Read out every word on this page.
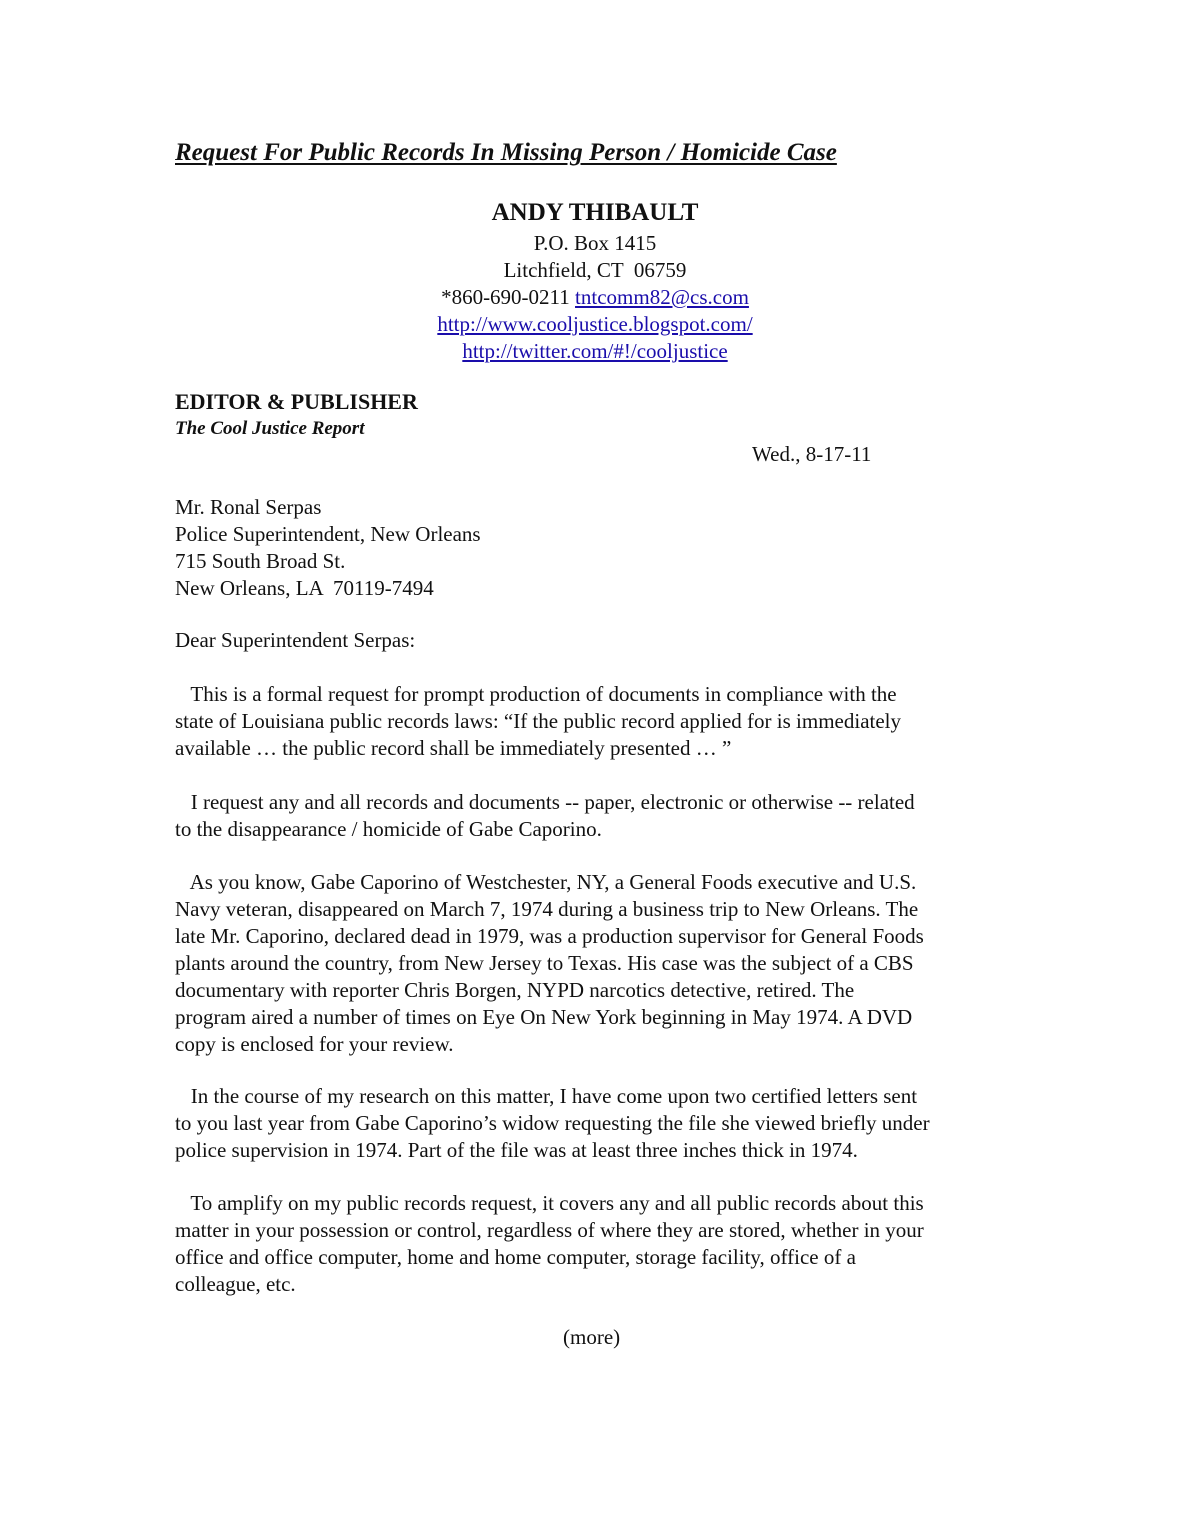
Request For Public Records In Missing Person / Homicide Case
ANDY THIBAULT
P.O. Box 1415
Litchfield, CT  06759
*860-690-0211 tntcomm82@cs.com
http://www.cooljustice.blogspot.com/
http://twitter.com/#!/cooljustice
EDITOR & PUBLISHER
The Cool Justice Report
Wed., 8-17-11
Mr. Ronal Serpas
Police Superintendent, New Orleans
715 South Broad St.
New Orleans, LA  70119-7494
Dear Superintendent Serpas:
This is a formal request for prompt production of documents in compliance with the
state of Louisiana public records laws: “If the public record applied for is immediately
available … the public record shall be immediately presented … ”
I request any and all records and documents -- paper, electronic or otherwise -- related
to the disappearance / homicide of Gabe Caporino.
As you know, Gabe Caporino of Westchester, NY, a General Foods executive and U.S.
Navy veteran, disappeared on March 7, 1974 during a business trip to New Orleans. The
late Mr. Caporino, declared dead in 1979, was a production supervisor for General Foods
plants around the country, from New Jersey to Texas. His case was the subject of a CBS
documentary with reporter Chris Borgen, NYPD narcotics detective, retired. The
program aired a number of times on Eye On New York beginning in May 1974. A DVD
copy is enclosed for your review.
In the course of my research on this matter, I have come upon two certified letters sent
to you last year from Gabe Caporino’s widow requesting the file she viewed briefly under
police supervision in 1974. Part of the file was at least three inches thick in 1974.
To amplify on my public records request, it covers any and all public records about this
matter in your possession or control, regardless of where they are stored, whether in your
office and office computer, home and home computer, storage facility, office of a
colleague, etc.
(more)
